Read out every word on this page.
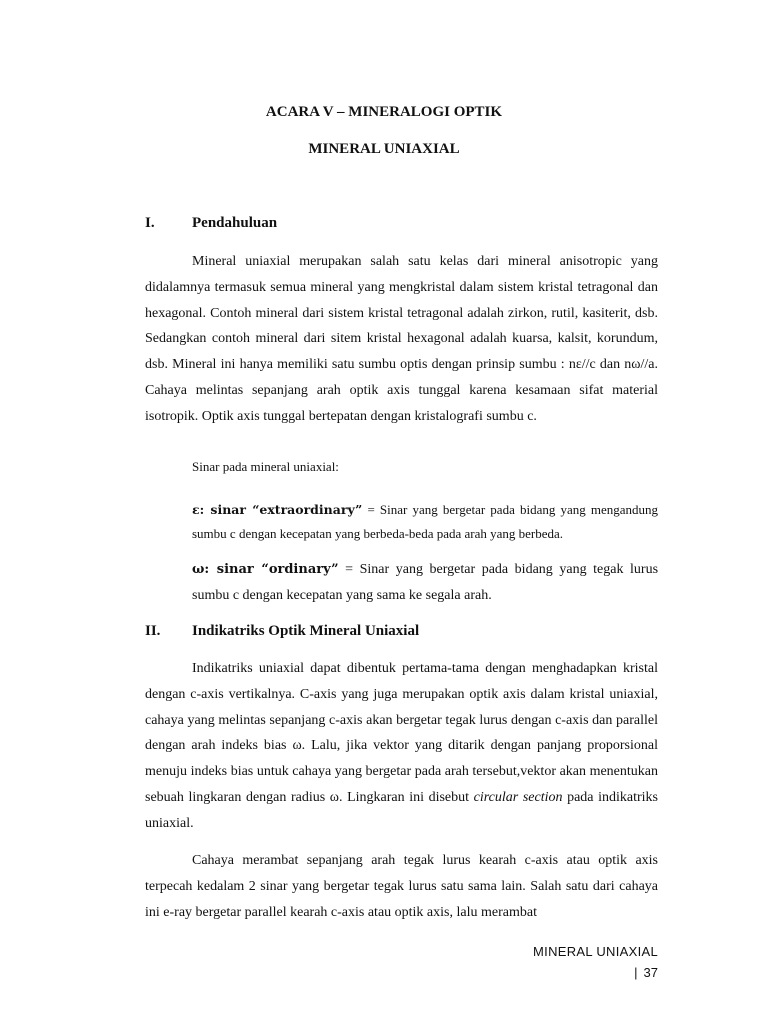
ACARA V – MINERALOGI OPTIK
MINERAL UNIAXIAL
I. Pendahuluan

Mineral uniaxial merupakan salah satu kelas dari mineral anisotropic yang didalamnya termasuk semua mineral yang mengkristal dalam sistem kristal tetragonal dan hexagonal. Contoh mineral dari sistem kristal tetragonal adalah zirkon, rutil, kasiterit, dsb. Sedangkan contoh mineral dari sitem kristal hexagonal adalah kuarsa, kalsit, korundum, dsb. Mineral ini hanya memiliki satu sumbu optis dengan prinsip sumbu : nε//c dan nω//a. Cahaya melintas sepanjang arah optik axis tunggal karena kesamaan sifat material isotropik. Optik axis tunggal bertepatan dengan kristalografi sumbu c.

Sinar pada mineral uniaxial:

ε: sinar “extraordinary” = Sinar yang bergetar pada bidang yang mengandung sumbu c dengan kecepatan yang berbeda-beda pada arah yang berbeda.

ω: sinar “ordinary” = Sinar yang bergetar pada bidang yang tegak lurus sumbu c dengan kecepatan yang sama ke segala arah.

II. Indikatriks Optik Mineral Uniaxial

Indikatriks uniaxial dapat dibentuk pertama-tama dengan menghadapkan kristal dengan c-axis vertikalnya. C-axis yang juga merupakan optik axis dalam kristal uniaxial, cahaya yang melintas sepanjang c-axis akan bergetar tegak lurus dengan c-axis dan parallel dengan arah indeks bias ω. Lalu, jika vektor yang ditarik dengan panjang proporsional menuju indeks bias untuk cahaya yang bergetar pada arah tersebut,vektor akan menentukan sebuah lingkaran dengan radius ω. Lingkaran ini disebut circular section pada indikatriks uniaxial.

Cahaya merambat sepanjang arah tegak lurus kearah c-axis atau optik axis terpecah kedalam 2 sinar yang bergetar tegak lurus satu sama lain. Salah satu dari cahaya ini e-ray bergetar parallel kearah c-axis atau optik axis, lalu merambat

MINERAL UNIAXIAL

| 37
